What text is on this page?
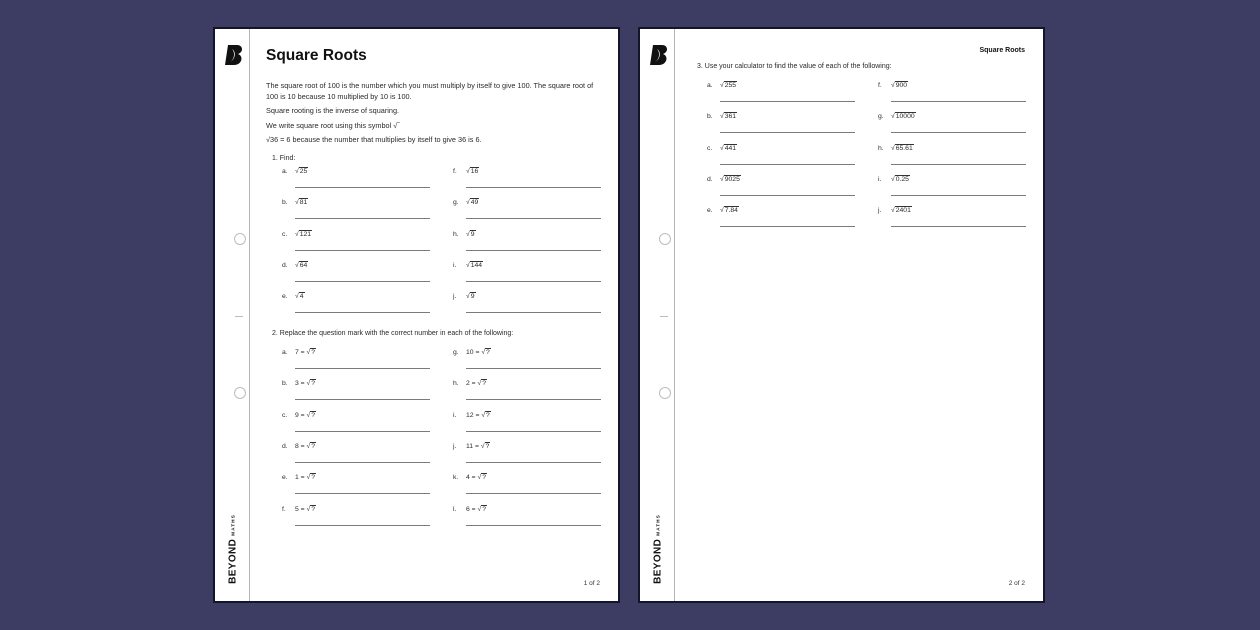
BEYONDMATHS
Square Roots

The square root of 100 is the number which you must multiply by itself to give 100. The square root of 100 is 10 because 10 multiplied by 10 is 100.

Square rooting is the inverse of squaring.

We write square root using this symbol √‾

√36 = 6 because the number that multiplies by itself to give 36 is 6.

1. Find:
a.	√25
b.	√81
c.	√121
d.	√64
e.	√4
f.	√16
g.	√49
h.	√9
i.	√144
j.	√9
2. Replace the question mark with the correct number in each of the following:
a.	7 = √?
b.	3 = √?
c.	9 = √?
d.	8 = √?
e.	1 = √?
f.	5 = √?
g.	10 = √?
h.	2 = √?
i.	12 = √?
j.	11 = √?
k.	4 = √?
l.	6 = √?
1 of 2	BEYONDMATHS
Square Roots
3. Use your calculator to find the value of each of the following:
a.	√255
b.	√361
c.	√441
d.	√9025
e.	√7.84
f.	√900
g.	√10000
h.	√65.61
i.	√0.25
j.	√2401
2 of 2
